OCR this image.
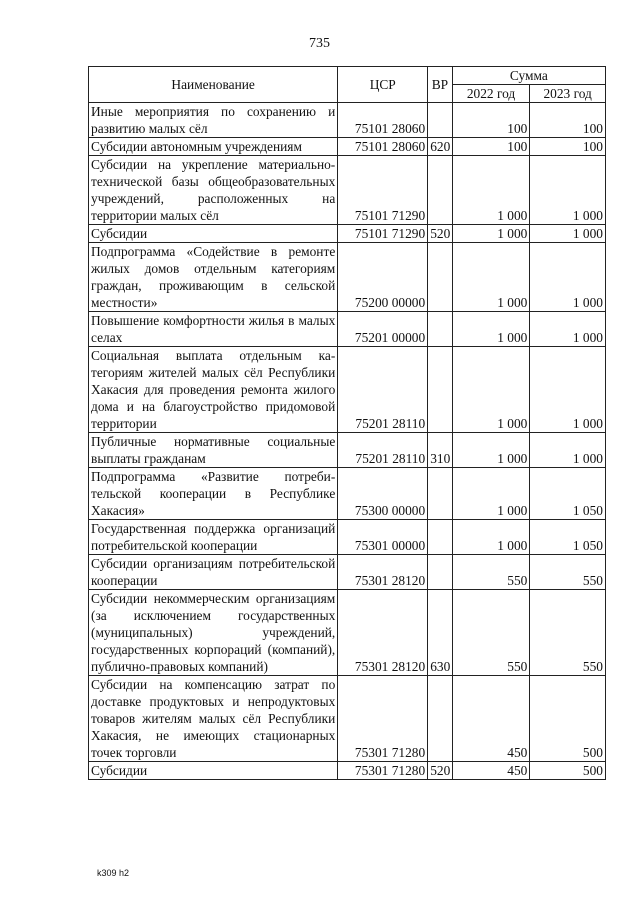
735
Наименование	ЦСР	ВР	Сумма	
			2022 год	2023 год
Иные мероприятия по сохранению и развитию малых сёл	75101 28060		100	100
Субсидии автономным учреждениям	75101 28060	620	100	100
Субсидии на укрепление материально-технической базы общеобразовательных учреждений, расположенных на территории малых сёл	75101 71290		1 000	1 000
Субсидии	75101 71290	520	1 000	1 000
Подпрограмма «Содействие в ремонте жилых домов отдельным категориям граждан, проживающим в сельской местности»	75200 00000		1 000	1 000
Повышение комфортности жилья в малых селах	75201 00000		1 000	1 000
Социальная выплата отдельным категориям жителей малых сёл Республики Хакасия для проведения ремонта жилого дома и на благоустройство придомовой территории	75201 28110		1 000	1 000
Публичные нормативные социальные выплаты гражданам	75201 28110	310	1 000	1 000
Подпрограмма «Развитие потребительской кооперации в Республике Хакасия»	75300 00000		1 000	1 050
Государственная поддержка организаций потребительской кооперации	75301 00000		1 000	1 050
Субсидии организациям потребительской кооперации	75301 28120		550	550
Субсидии некоммерческим организациям (за исключением государственных (муниципальных) учреждений, государственных корпораций (компаний), публично-правовых компаний)	75301 28120	630	550	550
Субсидии на компенсацию затрат по доставке продуктовых и непродуктовых товаров жителям малых сёл Республики Хакасия, не имеющих стационарных точек торговли	75301 71280		450	500
Субсидии	75301 71280	520	450	500
k309 h2
